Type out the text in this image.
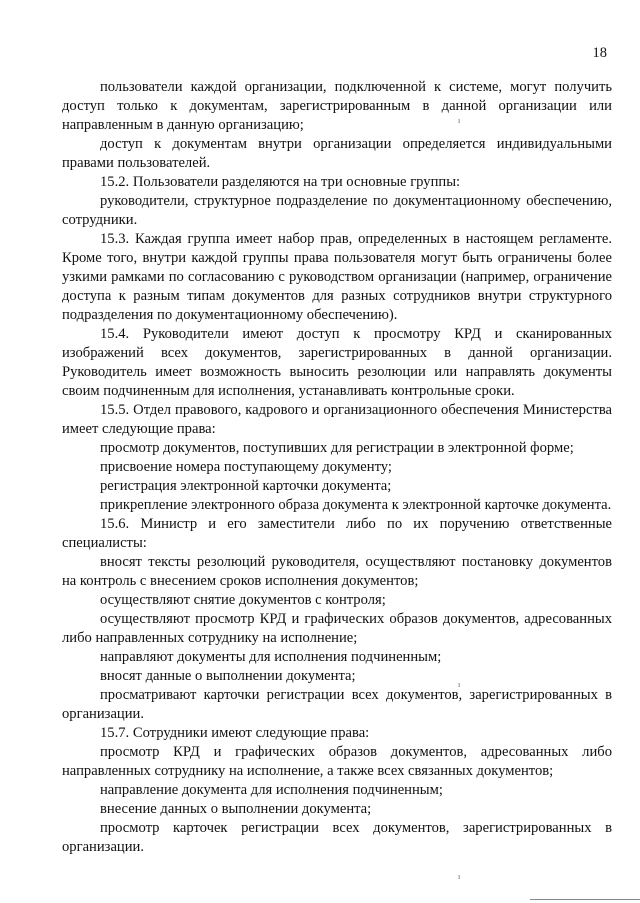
18

пользователи каждой организации, подключенной к системе, могут получить доступ только к документам, зарегистрированным в данной организации или направленным в данную организацию;

доступ к документам внутри организации определяется индивидуальными правами пользователей.

15.2. Пользователи разделяются на три основные группы:

руководители, структурное подразделение по документационному обеспечению, сотрудники.

15.3. Каждая группа имеет набор прав, определенных в настоящем регламенте. Кроме того, внутри каждой группы права пользователя могут быть ограничены более узкими рамками по согласованию с руководством организации (например, ограничение доступа к разным типам документов для разных сотрудников внутри структурного подразделения по документационному обеспечению).

15.4. Руководители имеют доступ к просмотру КРД и сканированных изображений всех документов, зарегистрированных в данной организации. Руководитель имеет возможность выносить резолюции или направлять документы своим подчиненным для исполнения, устанавливать контрольные сроки.

15.5. Отдел правового, кадрового и организационного обеспечения Министерства имеет следующие права:

просмотр документов, поступивших для регистрации в электронной форме;

присвоение номера поступающему документу;

регистрация электронной карточки документа;

прикрепление электронного образа документа к электронной карточке документа.

15.6. Министр и его заместители либо по их поручению ответственные специалисты:

вносят тексты резолюций руководителя, осуществляют постановку документов на контроль с внесением сроков исполнения документов;

осуществляют снятие документов с контроля;

осуществляют просмотр КРД и графических образов документов, адресованных либо направленных сотруднику на исполнение;

направляют документы для исполнения подчиненным;

вносят данные о выполнении документа;

просматривают карточки регистрации всех документов, зарегистрированных в организации.

15.7. Сотрудники имеют следующие права:

просмотр КРД и графических образов документов, адресованных либо направленных сотруднику на исполнение, а также всех связанных документов;

направление документа для исполнения подчиненным;

внесение данных о выполнении документа;

просмотр карточек регистрации всех документов, зарегистрированных в организации.

ı
ı
ı
